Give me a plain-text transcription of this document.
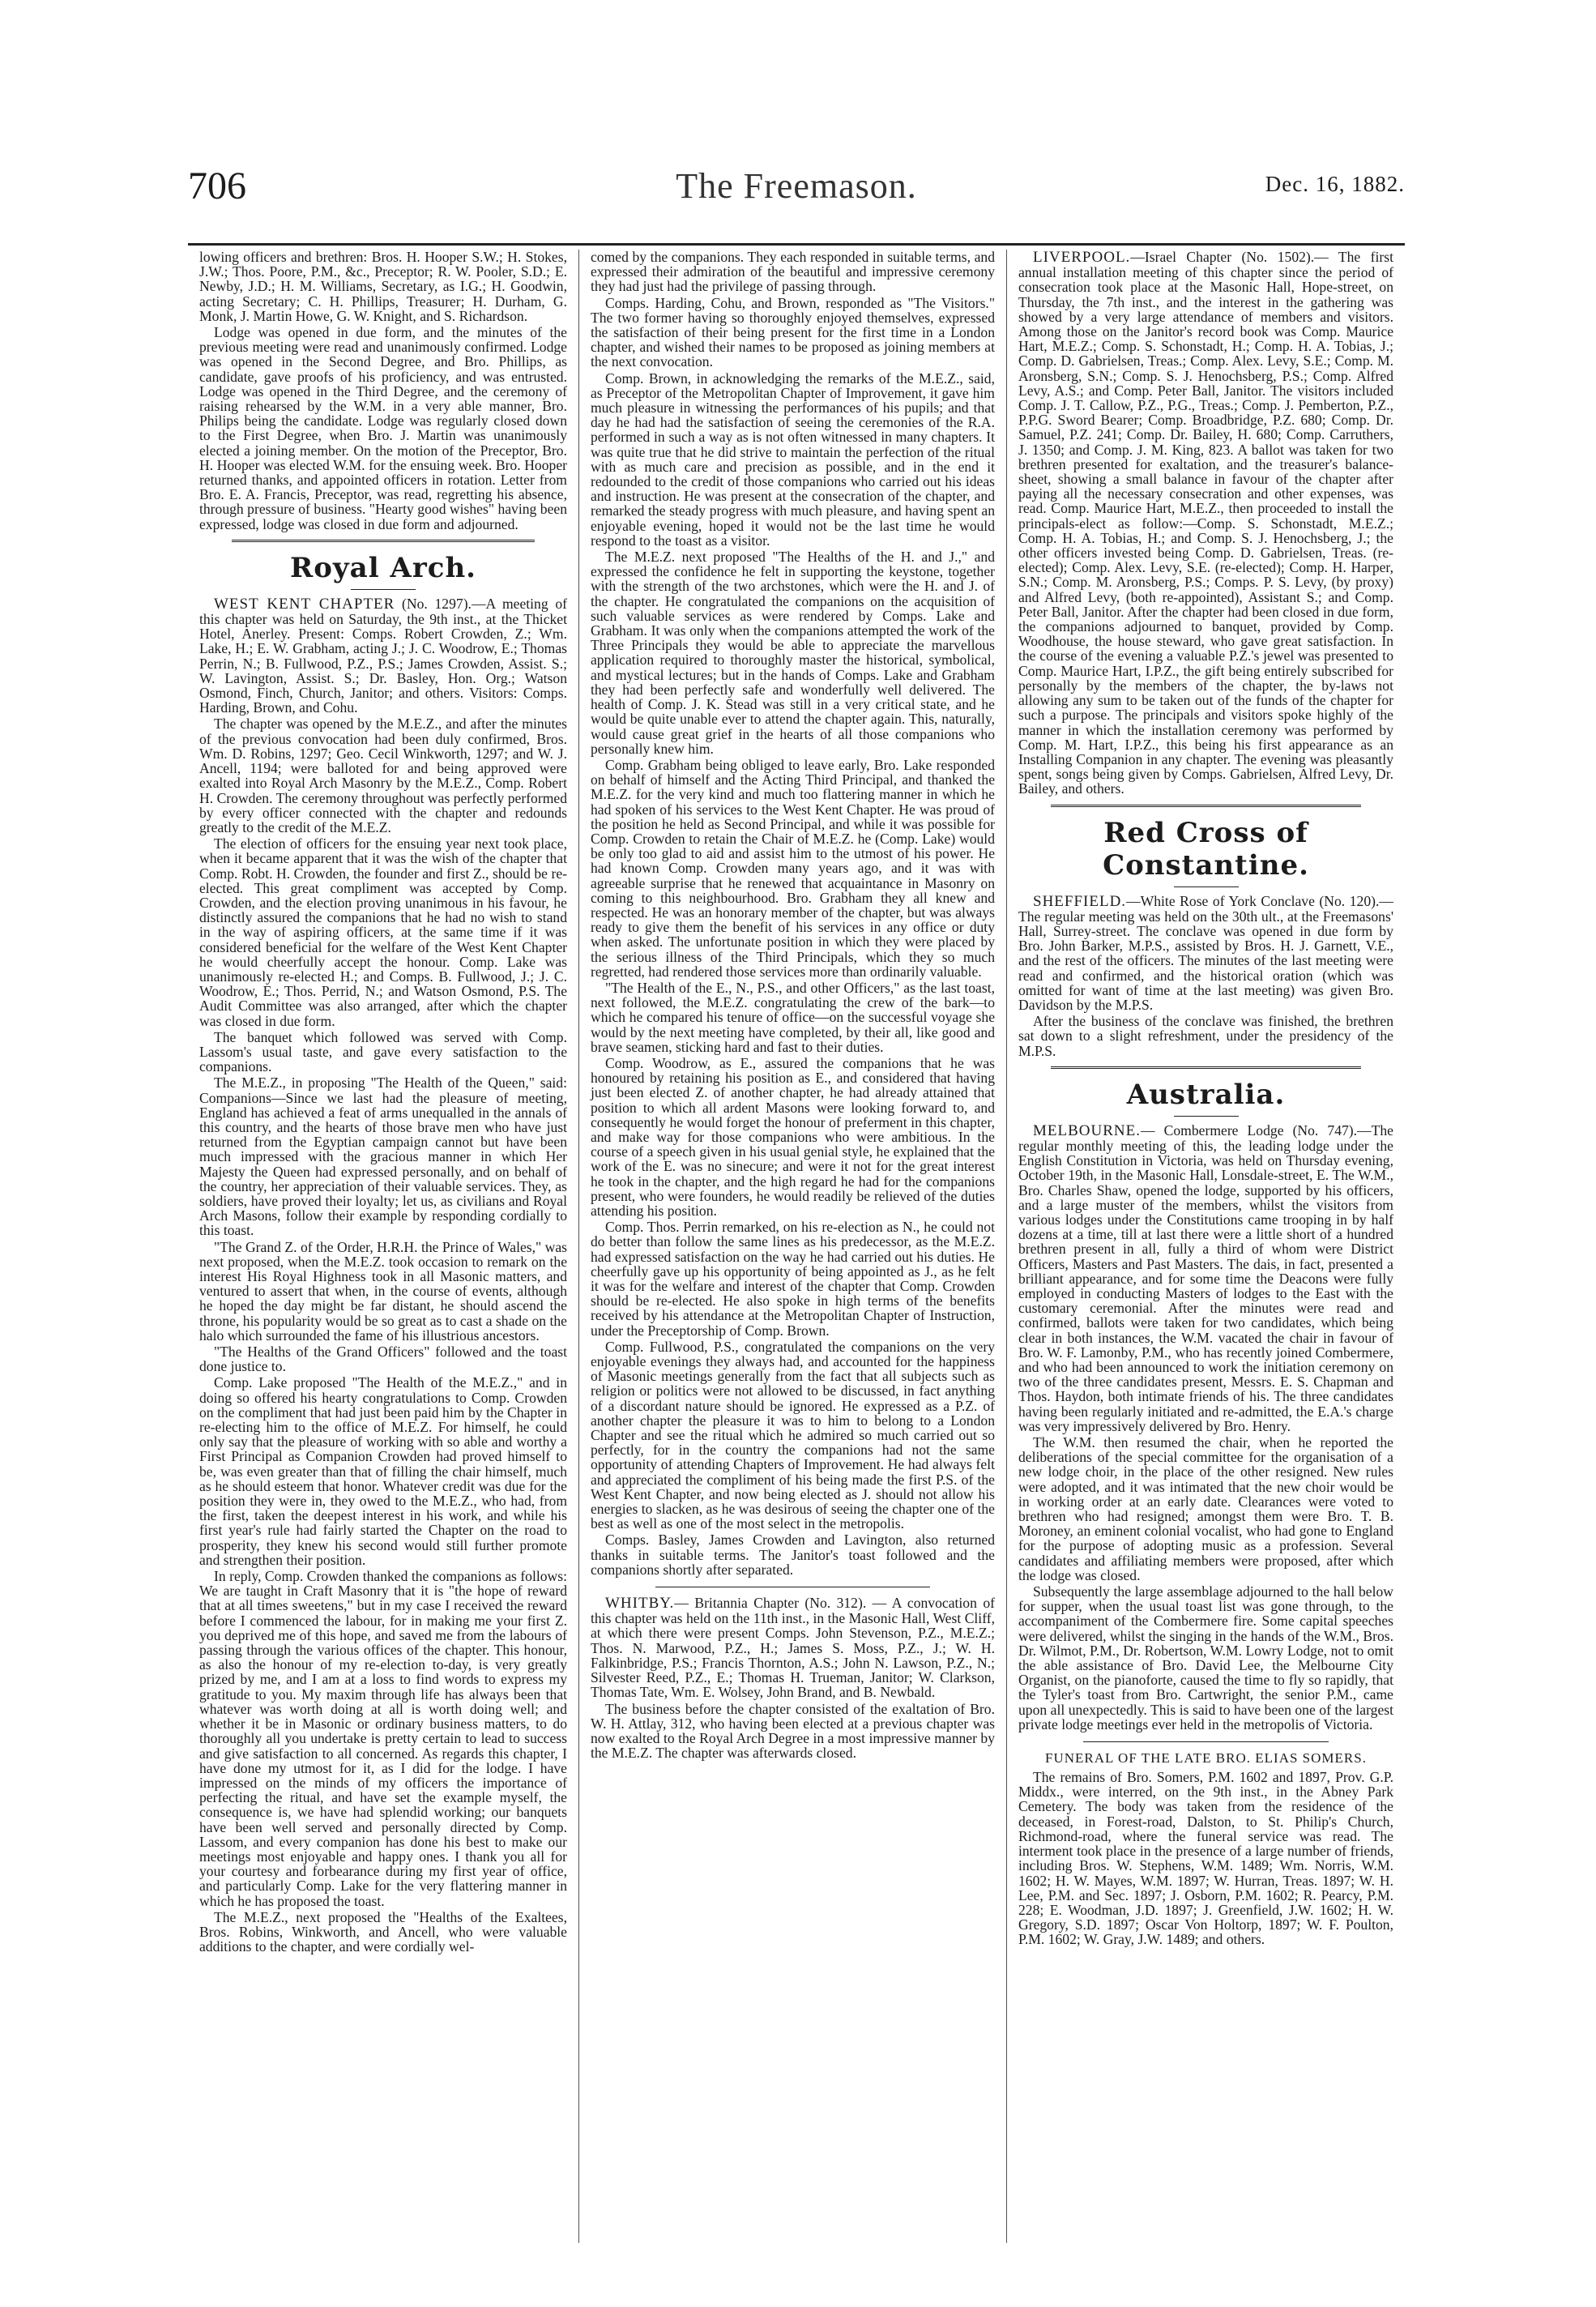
706	The Freemason.	Dec. 16, 1882.

lowing officers and brethren: Bros. H. Hooper S.W.; H. Stokes, J.W.; Thos. Poore, P.M., &c., Preceptor; R. W. Pooler, S.D.; E. Newby, J.D.; H. M. Williams, Secretary, as I.G.; H. Goodwin, acting Secretary; C. H. Phillips, Treasurer; H. Durham, G. Monk, J. Martin Howe, G. W. Knight, and S. Richardson.

Lodge was opened in due form, and the minutes of the previous meeting were read and unanimously confirmed. Lodge was opened in the Second Degree, and Bro. Phillips, as candidate, gave proofs of his proficiency, and was entrusted. Lodge was opened in the Third Degree, and the ceremony of raising rehearsed by the W.M. in a very able manner, Bro. Philips being the candidate. Lodge was regularly closed down to the First Degree, when Bro. J. Martin was unanimously elected a joining member. On the motion of the Preceptor, Bro. H. Hooper was elected W.M. for the ensuing week. Bro. Hooper returned thanks, and appointed officers in rotation. Letter from Bro. E. A. Francis, Preceptor, was read, regretting his absence, through pressure of business. "Hearty good wishes" having been expressed, lodge was closed in due form and adjourned.

Royal Arch.

WEST KENT CHAPTER (No. 1297).—A meeting of this chapter was held on Saturday, the 9th inst., at the Thicket Hotel, Anerley. Present: Comps. Robert Crowden, Z.; Wm. Lake, H.; E. W. Grabham, acting J.; J. C. Woodrow, E.; Thomas Perrin, N.; B. Fullwood, P.Z., P.S.; James Crowden, Assist. S.; W. Lavington, Assist. S.; Dr. Basley, Hon. Org.; Watson Osmond, Finch, Church, Janitor; and others. Visitors: Comps. Harding, Brown, and Cohu.

The chapter was opened by the M.E.Z., and after the minutes of the previous convocation had been duly confirmed, Bros. Wm. D. Robins, 1297; Geo. Cecil Winkworth, 1297; and W. J. Ancell, 1194; were balloted for and being approved were exalted into Royal Arch Masonry by the M.E.Z., Comp. Robert H. Crowden. The ceremony throughout was perfectly performed by every officer connected with the chapter and redounds greatly to the credit of the M.E.Z.

The election of officers for the ensuing year next took place, when it became apparent that it was the wish of the chapter that Comp. Robt. H. Crowden, the founder and first Z., should be re-elected. This great compliment was accepted by Comp. Crowden, and the election proving unanimous in his favour, he distinctly assured the companions that he had no wish to stand in the way of aspiring officers, at the same time if it was considered beneficial for the welfare of the West Kent Chapter he would cheerfully accept the honour. Comp. Lake was unanimously re-elected H.; and Comps. B. Fullwood, J.; J. C. Woodrow, E.; Thos. Perrid, N.; and Watson Osmond, P.S. The Audit Committee was also arranged, after which the chapter was closed in due form.

The banquet which followed was served with Comp. Lassom's usual taste, and gave every satisfaction to the companions.

The M.E.Z., in proposing "The Health of the Queen," said: Companions—Since we last had the pleasure of meeting, England has achieved a feat of arms unequalled in the annals of this country, and the hearts of those brave men who have just returned from the Egyptian campaign cannot but have been much impressed with the gracious manner in which Her Majesty the Queen had expressed personally, and on behalf of the country, her appreciation of their valuable services. They, as soldiers, have proved their loyalty; let us, as civilians and Royal Arch Masons, follow their example by responding cordially to this toast.

"The Grand Z. of the Order, H.R.H. the Prince of Wales," was next proposed, when the M.E.Z. took occasion to remark on the interest His Royal Highness took in all Masonic matters, and ventured to assert that when, in the course of events, although he hoped the day might be far distant, he should ascend the throne, his popularity would be so great as to cast a shade on the halo which surrounded the fame of his illustrious ancestors.

"The Healths of the Grand Officers" followed and the toast done justice to.

Comp. Lake proposed "The Health of the M.E.Z.," and in doing so offered his hearty congratulations to Comp. Crowden on the compliment that had just been paid him by the Chapter in re-electing him to the office of M.E.Z. For himself, he could only say that the pleasure of working with so able and worthy a First Principal as Companion Crowden had proved himself to be, was even greater than that of filling the chair himself, much as he should esteem that honor. Whatever credit was due for the position they were in, they owed to the M.E.Z., who had, from the first, taken the deepest interest in his work, and while his first year's rule had fairly started the Chapter on the road to prosperity, they knew his second would still further promote and strengthen their position.

In reply, Comp. Crowden thanked the companions as follows: We are taught in Craft Masonry that it is "the hope of reward that at all times sweetens," but in my case I received the reward before I commenced the labour, for in making me your first Z. you deprived me of this hope, and saved me from the labours of passing through the various offices of the chapter. This honour, as also the honour of my re-election to-day, is very greatly prized by me, and I am at a loss to find words to express my gratitude to you. My maxim through life has always been that whatever was worth doing at all is worth doing well; and whether it be in Masonic or ordinary business matters, to do thoroughly all you undertake is pretty certain to lead to success and give satisfaction to all concerned. As regards this chapter, I have done my utmost for it, as I did for the lodge. I have impressed on the minds of my officers the importance of perfecting the ritual, and have set the example myself, the consequence is, we have had splendid working; our banquets have been well served and personally directed by Comp. Lassom, and every companion has done his best to make our meetings most enjoyable and happy ones. I thank you all for your courtesy and forbearance during my first year of office, and particularly Comp. Lake for the very flattering manner in which he has proposed the toast.

The M.E.Z., next proposed the "Healths of the Exaltees, Bros. Robins, Winkworth, and Ancell, who were valuable additions to the chapter, and were cordially wel-

comed by the companions. They each responded in suitable terms, and expressed their admiration of the beautiful and impressive ceremony they had just had the privilege of passing through.

Comps. Harding, Cohu, and Brown, responded as "The Visitors." The two former having so thoroughly enjoyed themselves, expressed the satisfaction of their being present for the first time in a London chapter, and wished their names to be proposed as joining members at the next convocation.

Comp. Brown, in acknowledging the remarks of the M.E.Z., said, as Preceptor of the Metropolitan Chapter of Improvement, it gave him much pleasure in witnessing the performances of his pupils; and that day he had had the satisfaction of seeing the ceremonies of the R.A. performed in such a way as is not often witnessed in many chapters. It was quite true that he did strive to maintain the perfection of the ritual with as much care and precision as possible, and in the end it redounded to the credit of those companions who carried out his ideas and instruction. He was present at the consecration of the chapter, and remarked the steady progress with much pleasure, and having spent an enjoyable evening, hoped it would not be the last time he would respond to the toast as a visitor.

The M.E.Z. next proposed "The Healths of the H. and J.," and expressed the confidence he felt in supporting the keystone, together with the strength of the two archstones, which were the H. and J. of the chapter. He congratulated the companions on the acquisition of such valuable services as were rendered by Comps. Lake and Grabham. It was only when the companions attempted the work of the Three Principals they would be able to appreciate the marvellous application required to thoroughly master the historical, symbolical, and mystical lectures; but in the hands of Comps. Lake and Grabham they had been perfectly safe and wonderfully well delivered. The health of Comp. J. K. Stead was still in a very critical state, and he would be quite unable ever to attend the chapter again. This, naturally, would cause great grief in the hearts of all those companions who personally knew him.

Comp. Grabham being obliged to leave early, Bro. Lake responded on behalf of himself and the Acting Third Principal, and thanked the M.E.Z. for the very kind and much too flattering manner in which he had spoken of his services to the West Kent Chapter. He was proud of the position he held as Second Principal, and while it was possible for Comp. Crowden to retain the Chair of M.E.Z. he (Comp. Lake) would be only too glad to aid and assist him to the utmost of his power. He had known Comp. Crowden many years ago, and it was with agreeable surprise that he renewed that acquaintance in Masonry on coming to this neighbourhood. Bro. Grabham they all knew and respected. He was an honorary member of the chapter, but was always ready to give them the benefit of his services in any office or duty when asked. The unfortunate position in which they were placed by the serious illness of the Third Principals, which they so much regretted, had rendered those services more than ordinarily valuable.

"The Health of the E., N., P.S., and other Officers," as the last toast, next followed, the M.E.Z. congratulating the crew of the bark—to which he compared his tenure of office—on the successful voyage she would by the next meeting have completed, by their all, like good and brave seamen, sticking hard and fast to their duties.

Comp. Woodrow, as E., assured the companions that he was honoured by retaining his position as E., and considered that having just been elected Z. of another chapter, he had already attained that position to which all ardent Masons were looking forward to, and consequently he would forget the honour of preferment in this chapter, and make way for those companions who were ambitious. In the course of a speech given in his usual genial style, he explained that the work of the E. was no sinecure; and were it not for the great interest he took in the chapter, and the high regard he had for the companions present, who were founders, he would readily be relieved of the duties attending his position.

Comp. Thos. Perrin remarked, on his re-election as N., he could not do better than follow the same lines as his predecessor, as the M.E.Z. had expressed satisfaction on the way he had carried out his duties. He cheerfully gave up his opportunity of being appointed as J., as he felt it was for the welfare and interest of the chapter that Comp. Crowden should be re-elected. He also spoke in high terms of the benefits received by his attendance at the Metropolitan Chapter of Instruction, under the Preceptorship of Comp. Brown.

Comp. Fullwood, P.S., congratulated the companions on the very enjoyable evenings they always had, and accounted for the happiness of Masonic meetings generally from the fact that all subjects such as religion or politics were not allowed to be discussed, in fact anything of a discordant nature should be ignored. He expressed as a P.Z. of another chapter the pleasure it was to him to belong to a London Chapter and see the ritual which he admired so much carried out so perfectly, for in the country the companions had not the same opportunity of attending Chapters of Improvement. He had always felt and appreciated the compliment of his being made the first P.S. of the West Kent Chapter, and now being elected as J. should not allow his energies to slacken, as he was desirous of seeing the chapter one of the best as well as one of the most select in the metropolis.

Comps. Basley, James Crowden and Lavington, also returned thanks in suitable terms. The Janitor's toast followed and the companions shortly after separated.

WHITBY.— Britannia Chapter (No. 312). — A convocation of this chapter was held on the 11th inst., in the Masonic Hall, West Cliff, at which there were present Comps. John Stevenson, P.Z., M.E.Z.; Thos. N. Marwood, P.Z., H.; James S. Moss, P.Z., J.; W. H. Falkinbridge, P.S.; Francis Thornton, A.S.; John N. Lawson, P.Z., N.; Silvester Reed, P.Z., E.; Thomas H. Trueman, Janitor; W. Clarkson, Thomas Tate, Wm. E. Wolsey, John Brand, and B. Newbald.

The business before the chapter consisted of the exaltation of Bro. W. H. Attlay, 312, who having been elected at a previous chapter was now exalted to the Royal Arch Degree in a most impressive manner by the M.E.Z. The chapter was afterwards closed.

LIVERPOOL.—Israel Chapter (No. 1502).— The first annual installation meeting of this chapter since the period of consecration took place at the Masonic Hall, Hope-street, on Thursday, the 7th inst., and the interest in the gathering was showed by a very large attendance of members and visitors. Among those on the Janitor's record book was Comp. Maurice Hart, M.E.Z.; Comp. S. Schonstadt, H.; Comp. H. A. Tobias, J.; Comp. D. Gabrielsen, Treas.; Comp. Alex. Levy, S.E.; Comp. M. Aronsberg, S.N.; Comp. S. J. Henochsberg, P.S.; Comp. Alfred Levy, A.S.; and Comp. Peter Ball, Janitor. The visitors included Comp. J. T. Callow, P.Z., P.G., Treas.; Comp. J. Pemberton, P.Z., P.P.G. Sword Bearer; Comp. Broadbridge, P.Z. 680; Comp. Dr. Samuel, P.Z. 241; Comp. Dr. Bailey, H. 680; Comp. Carruthers, J. 1350; and Comp. J. M. King, 823. A ballot was taken for two brethren presented for exaltation, and the treasurer's balance-sheet, showing a small balance in favour of the chapter after paying all the necessary consecration and other expenses, was read. Comp. Maurice Hart, M.E.Z., then proceeded to install the principals-elect as follow:—Comp. S. Schonstadt, M.E.Z.; Comp. H. A. Tobias, H.; and Comp. S. J. Henochsberg, J.; the other officers invested being Comp. D. Gabrielsen, Treas. (re-elected); Comp. Alex. Levy, S.E. (re-elected); Comp. H. Harper, S.N.; Comp. M. Aronsberg, P.S.; Comps. P. S. Levy, (by proxy) and Alfred Levy, (both re-appointed), Assistant S.; and Comp. Peter Ball, Janitor. After the chapter had been closed in due form, the companions adjourned to banquet, provided by Comp. Woodhouse, the house steward, who gave great satisfaction. In the course of the evening a valuable P.Z.'s jewel was presented to Comp. Maurice Hart, I.P.Z., the gift being entirely subscribed for personally by the members of the chapter, the by-laws not allowing any sum to be taken out of the funds of the chapter for such a purpose. The principals and visitors spoke highly of the manner in which the installation ceremony was performed by Comp. M. Hart, I.P.Z., this being his first appearance as an Installing Companion in any chapter. The evening was pleasantly spent, songs being given by Comps. Gabrielsen, Alfred Levy, Dr. Bailey, and others.

Red Cross of Constantine.

SHEFFIELD.—White Rose of York Conclave (No. 120).—The regular meeting was held on the 30th ult., at the Freemasons' Hall, Surrey-street. The conclave was opened in due form by Bro. John Barker, M.P.S., assisted by Bros. H. J. Garnett, V.E., and the rest of the officers. The minutes of the last meeting were read and confirmed, and the historical oration (which was omitted for want of time at the last meeting) was given Bro. Davidson by the M.P.S.

After the business of the conclave was finished, the brethren sat down to a slight refreshment, under the presidency of the M.P.S.

Australia.

MELBOURNE.— Combermere Lodge (No. 747).—The regular monthly meeting of this, the leading lodge under the English Constitution in Victoria, was held on Thursday evening, October 19th, in the Masonic Hall, Lonsdale-street, E. The W.M., Bro. Charles Shaw, opened the lodge, supported by his officers, and a large muster of the members, whilst the visitors from various lodges under the Constitutions came trooping in by half dozens at a time, till at last there were a little short of a hundred brethren present in all, fully a third of whom were District Officers, Masters and Past Masters. The dais, in fact, presented a brilliant appearance, and for some time the Deacons were fully employed in conducting Masters of lodges to the East with the customary ceremonial. After the minutes were read and confirmed, ballots were taken for two candidates, which being clear in both instances, the W.M. vacated the chair in favour of Bro. W. F. Lamonby, P.M., who has recently joined Combermere, and who had been announced to work the initiation ceremony on two of the three candidates present, Messrs. E. S. Chapman and Thos. Haydon, both intimate friends of his. The three candidates having been regularly initiated and re-admitted, the E.A.'s charge was very impressively delivered by Bro. Henry.

The W.M. then resumed the chair, when he reported the deliberations of the special committee for the organisation of a new lodge choir, in the place of the other resigned. New rules were adopted, and it was intimated that the new choir would be in working order at an early date. Clearances were voted to brethren who had resigned; amongst them were Bro. T. B. Moroney, an eminent colonial vocalist, who had gone to England for the purpose of adopting music as a profession. Several candidates and affiliating members were proposed, after which the lodge was closed.

Subsequently the large assemblage adjourned to the hall below for supper, when the usual toast list was gone through, to the accompaniment of the Combermere fire. Some capital speeches were delivered, whilst the singing in the hands of the W.M., Bros. Dr. Wilmot, P.M., Dr. Robertson, W.M. Lowry Lodge, not to omit the able assistance of Bro. David Lee, the Melbourne City Organist, on the pianoforte, caused the time to fly so rapidly, that the Tyler's toast from Bro. Cartwright, the senior P.M., came upon all unexpectedly. This is said to have been one of the largest private lodge meetings ever held in the metropolis of Victoria.

FUNERAL OF THE LATE BRO. ELIAS SOMERS.

The remains of Bro. Somers, P.M. 1602 and 1897, Prov. G.P. Middx., were interred, on the 9th inst., in the Abney Park Cemetery. The body was taken from the residence of the deceased, in Forest-road, Dalston, to St. Philip's Church, Richmond-road, where the funeral service was read. The interment took place in the presence of a large number of friends, including Bros. W. Stephens, W.M. 1489; Wm. Norris, W.M. 1602; H. W. Mayes, W.M. 1897; W. Hurran, Treas. 1897; W. H. Lee, P.M. and Sec. 1897; J. Osborn, P.M. 1602; R. Pearcy, P.M. 228; E. Woodman, J.D. 1897; J. Greenfield, J.W. 1602; H. W. Gregory, S.D. 1897; Oscar Von Holtorp, 1897; W. F. Poulton, P.M. 1602; W. Gray, J.W. 1489; and others.
